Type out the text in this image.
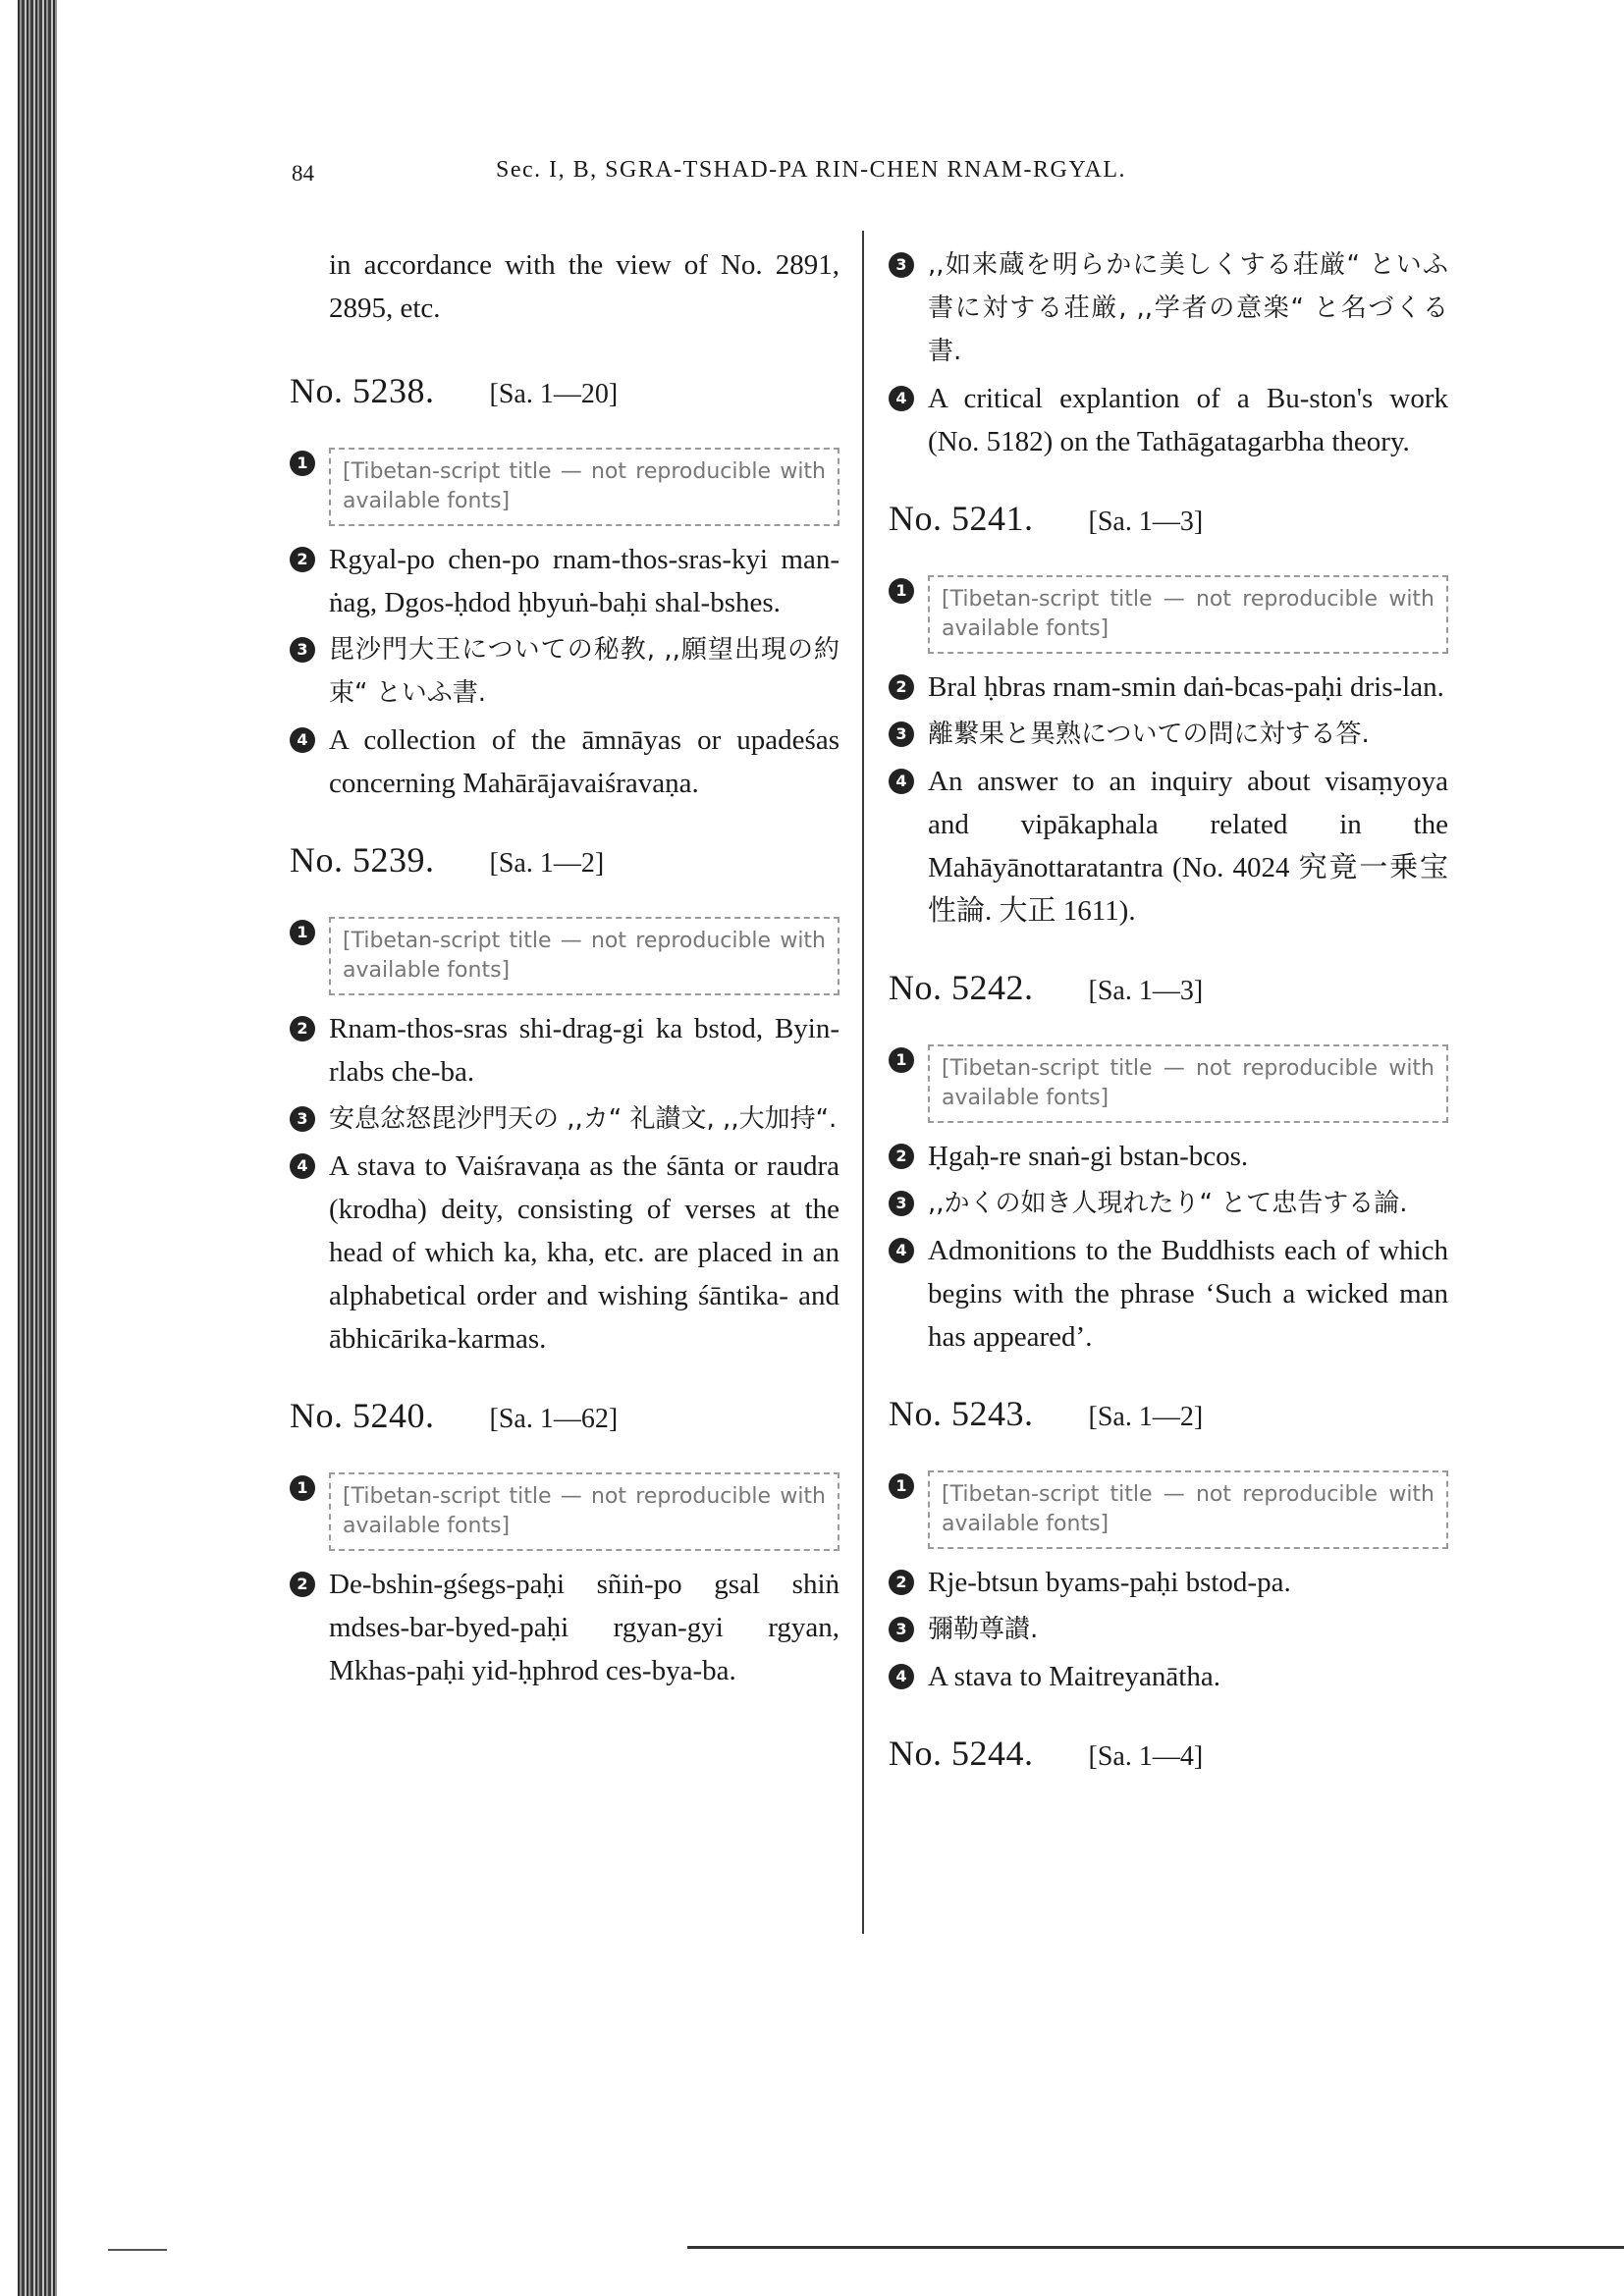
84	Sec. I, B, SGRA-TSHAD-PA RIN-CHEN RNAM-RGYAL.
in accordance with the view of No. 2891, 2895, etc.
No. 5238. [Sa. 1—20]
1	[Tibetan-script title — not reproducible with available fonts]
2 Rgyal-po chen-po rnam-thos-sras-kyi man-ṅag, Dgos-ḥdod ḥbyuṅ-baḥi shal-bshes.
3 毘沙門大王についての秘教, ,,願望出現の約束“ といふ書.
4 A collection of the āmnāyas or upadeśas concerning Mahārājavaiśravaṇa.
No. 5239. [Sa. 1—2]
1	[Tibetan-script title — not reproducible with available fonts]
2 Rnam-thos-sras shi-drag-gi ka bstod, Byin-rlabs che-ba.
3 安息忿怒毘沙門天の ,,カ“ 礼讃文, ,,大加持“.
4 A stava to Vaiśravaṇa as the śānta or raudra (krodha) deity, consisting of verses at the head of which ka, kha, etc. are placed in an alphabetical order and wishing śāntika- and ābhicārika-karmas.
No. 5240. [Sa. 1—62]
1	[Tibetan-script title — not reproducible with available fonts]
2 De-bshin-gśegs-paḥi sñiṅ-po gsal shiṅ mdses-bar-byed-paḥi rgyan-gyi rgyan, Mkhas-paḥi yid-ḥphrod ces-bya-ba.
3 ,,如来蔵を明らかに美しくする荘厳“ といふ書に対する荘厳, ,,学者の意楽“ と名づくる書.
4 A critical explantion of a Bu-ston's work (No. 5182) on the Tathāgatagarbha theory.
No. 5241. [Sa. 1—3]
1	[Tibetan-script title — not reproducible with available fonts]
2 Bral ḥbras rnam-smin daṅ-bcas-paḥi dris-lan.
3 離繋果と異熟についての問に対する答.
4 An answer to an inquiry about visaṃyoya and vipākaphala related in the Mahāyānottaratantra (No. 4024 究竟一乗宝性論. 大正 1611).
No. 5242. [Sa. 1—3]
1	[Tibetan-script title — not reproducible with available fonts]
2 Ḥgaḥ-re snaṅ-gi bstan-bcos.
3 ,,かくの如き人現れたり“ とて忠告する論.
4 Admonitions to the Buddhists each of which begins with the phrase ‘Such a wicked man has appeared’.
No. 5243. [Sa. 1—2]
1	[Tibetan-script title — not reproducible with available fonts]
2 Rje-btsun byams-paḥi bstod-pa.
3 彌勒尊讃.
4 A stava to Maitreyanātha.
No. 5244. [Sa. 1—4]
